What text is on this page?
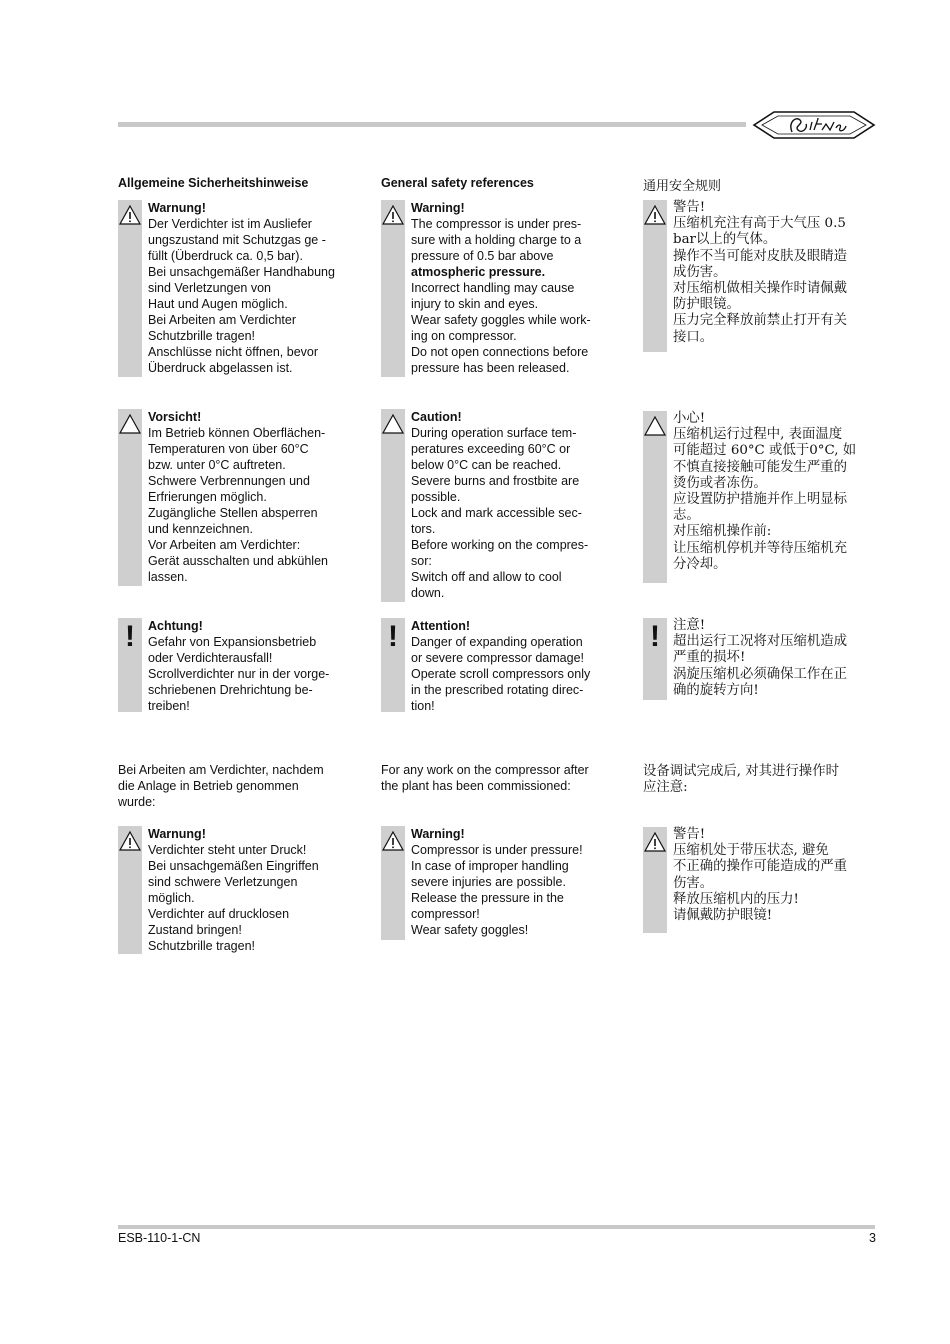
Allgemeine Sicherheitshinweise
Warnung!
Der Verdichter ist im Ausliefer
ungszustand mit Schutzgas ge -
füllt (Überdruck ca. 0,5 bar).
Bei unsachgemäßer Handhabung
sind Verletzungen von
Haut und Augen möglich.
Bei Arbeiten am Verdichter
Schutzbrille tragen!
Anschlüsse nicht öffnen, bevor
Überdruck abgelassen ist.
Vorsicht!
Im Betrieb können Oberflächen-
Temperaturen von über 60°C
bzw. unter 0°C auftreten.
Schwere Verbrennungen und
Erfrierungen möglich.
Zugängliche Stellen absperren
und kennzeichnen.
Vor Arbeiten am Verdichter:
Gerät ausschalten und abkühlen
lassen.
!	Achtung!
Gefahr von Expansionsbetrieb
oder Verdichterausfall!
Scrollverdichter nur in der vorge-
schriebenen Drehrichtung be-
treiben!
Bei Arbeiten am Verdichter, nachdem
die Anlage in Betrieb genommen
wurde:
Warnung!
Verdichter steht unter Druck!
Bei unsachgemäßen Eingriffen
sind schwere Verletzungen
möglich.
Verdichter auf drucklosen
Zustand bringen!
Schutzbrille tragen!
General safety references
Warning!
The compressor is under pres-
sure with a holding charge to a
pressure of 0.5 bar above
atmospheric pressure.
Incorrect handling may cause
injury to skin and eyes.
Wear safety goggles while work-
ing on compressor.
Do not open connections before
pressure has been released.
Caution!
During operation surface tem-
peratures exceeding 60°C or
below 0°C can be reached.
Severe burns and frostbite are
possible.
Lock and mark accessible sec-
tors.
Before working on the compres-
sor:
Switch off and allow to cool
down.
!	Attention!
Danger of expanding operation
or severe compressor damage!
Operate scroll compressors only
in the prescribed rotating direc-
tion!
For any work on the compressor after
the plant has been commissioned:
Warning!
Compressor is under pressure!
In case of improper handling
severe injuries are possible.
Release the pressure in the
compressor!
Wear safety goggles!
通用安全规则
警告!
压缩机充注有高于大气压 0.5
bar以上的气体。
操作不当可能对皮肤及眼睛造
成伤害。
对压缩机做相关操作时请佩戴
防护眼镜。
压力完全释放前禁止打开有关
接口。
小心!
压缩机运行过程中, 表面温度
可能超过 60°C 或低于0°C, 如
不慎直接接触可能发生严重的
烫伤或者冻伤。
应设置防护措施并作上明显标
志。
对压缩机操作前:
让压缩机停机并等待压缩机充
分冷却。
! 注意!
超出运行工况将对压缩机造成
严重的损坏!
涡旋压缩机必须确保工作在正
确的旋转方向!
设备调试完成后, 对其进行操作时
应注意:
警告!
压缩机处于带压状态, 避免
不正确的操作可能造成的严重
伤害。
释放压缩机内的压力!
请佩戴防护眼镜!
ESB-110-1-CN	3
